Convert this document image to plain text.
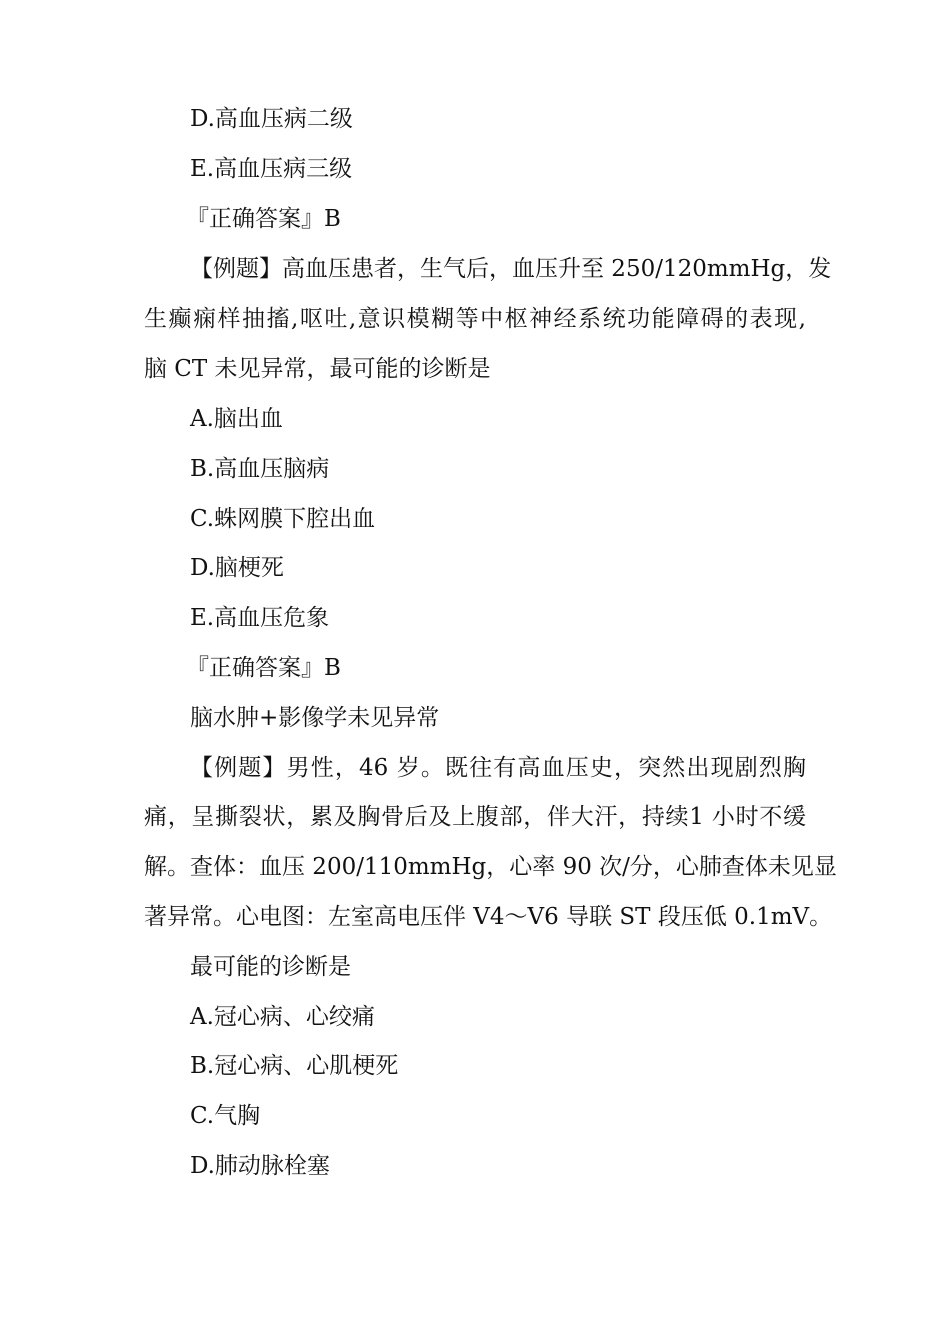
D.高血压病二级
E.高血压病三级
『正确答案』B
【例题】高血压患者，生气后，血压升至 250/120mmHg，发
生癫痫样抽搐,呕吐,意识模糊等中枢神经系统功能障碍的表现,
脑 CT 未见异常，最可能的诊断是
A.脑出血
B.高血压脑病
C.蛛网膜下腔出血
D.脑梗死
E.高血压危象
『正确答案』B
脑水肿+影像学未见异常
【例题】男性，46 岁。既往有高血压史，突然出现剧烈胸
痛，呈撕裂状，累及胸骨后及上腹部，伴大汗，持续1 小时不缓
解。查体：血压 200/110mmHg，心率 90 次/分，心肺查体未见显
著异常。心电图：左室高电压伴 V4～V6 导联 ST 段压低 0.1mV。
最可能的诊断是
A.冠心病、心绞痛
B.冠心病、心肌梗死
C.气胸
D.肺动脉栓塞
